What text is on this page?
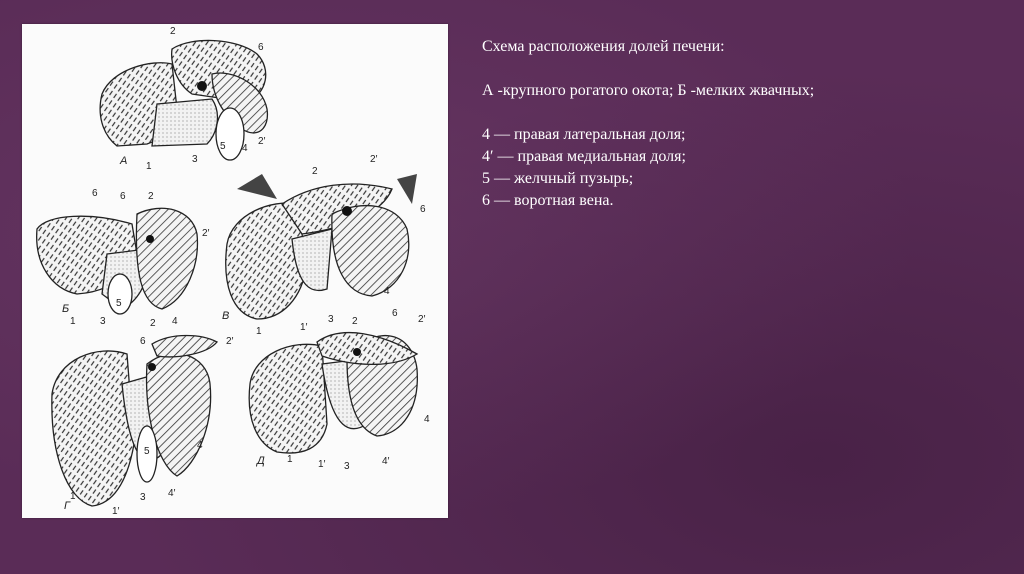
А
Б
В
Г
Д
1
2
3
4
5
6
2′
1
2
3	4
5
6 6
2′
1	1′
2
2′
3
4
6
1
1′
2
2′
3
4
4′
5
6
1	1′
2	2′
3
4
4′
6

Схема расположения долей печени:

А -крупного рогатого окота; Б -мелких жвачных;

4 — правая латеральная доля;

4′ — правая медиальная доля;

5 — желчный пузырь;

6 — воротная вена.
